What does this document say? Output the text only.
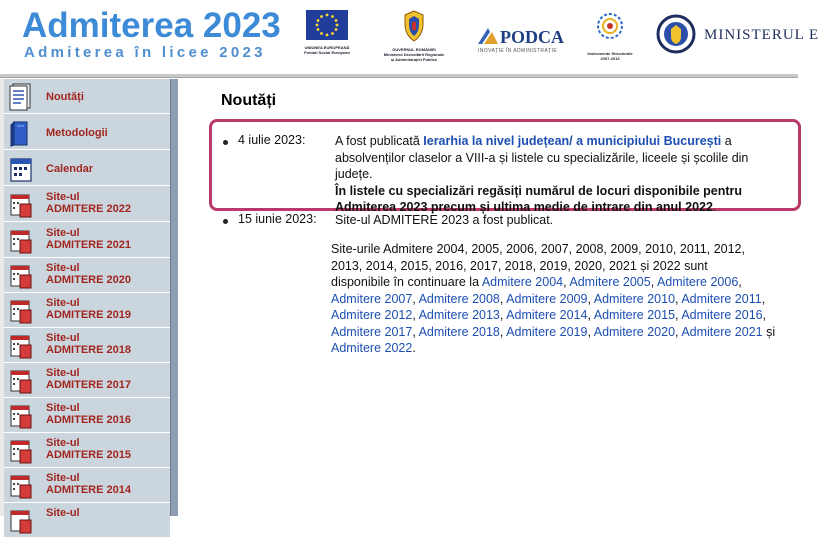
Admiterea 2023
Admiterea în licee 2023	UNIUNEA EUROPEANĂ
Fondul Social European
GUVERNUL ROMÂNIEI
Ministerul Dezvoltării Regionale
și Administrației Publice
PODCA
INOVAȚIE ÎN ADMINISTRAȚIE	Instrumente Structurale
2007-2013
MINISTERUL E
Noutăți
Metodologii
Calendar
Site-ul
ADMITERE 2022
Site-ul
ADMITERE 2021
Site-ul
ADMITERE 2020
Site-ul
ADMITERE 2019
Site-ul
ADMITERE 2018
Site-ul
ADMITERE 2017
Site-ul
ADMITERE 2016
Site-ul
ADMITERE 2015
Site-ul
ADMITERE 2014
Site-ul

Noutăți
4 iulie 2023: A fost publicată Ierarhia la nivel județean/ a municipiului București a
absolvenților claselor a VIII-a și listele cu specializările, liceele și școlile din
județe.
În listele cu specializări regăsiți numărul de locuri disponibile pentru
Admiterea 2023 precum și ultima medie de intrare din anul 2022.
15 iunie 2023: Site-ul ADMITERE 2023 a fost publicat.
Site-urile Admitere 2004, 2005, 2006, 2007, 2008, 2009, 2010, 2011, 2012,
2013, 2014, 2015, 2016, 2017, 2018, 2019, 2020, 2021 și 2022 sunt
disponibile în continuare la Admitere 2004, Admitere 2005, Admitere 2006,
Admitere 2007, Admitere 2008, Admitere 2009, Admitere 2010, Admitere 2011, Admitere 2012, Admitere 2013, Admitere 2014, Admitere 2015, Admitere 2016, Admitere 2017, Admitere 2018, Admitere 2019, Admitere 2020, Admitere 2021 și Admitere 2022.
